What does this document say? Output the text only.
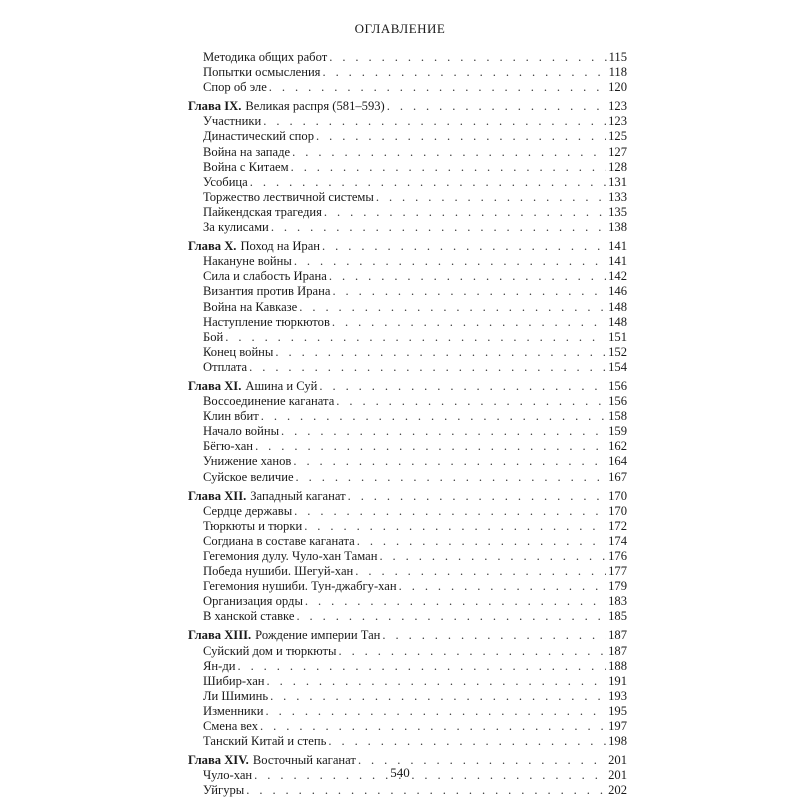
ОГЛАВЛЕНИЕ
Методика общих работ . . .	115
Попытки осмысления . . .	118
Спор об эле . . .	120
Глава IX. Великая распря (581–593) . . .	123
Участники . . .	123
Династический спор . . .	125
Война на западе . . .	127
Война с Китаем . . .	128
Усобица . . .	131
Торжество лествичной системы . . .	133
Пайкендская трагедия . . .	135
За кулисами . . .	138
Глава X. Поход на Иран . . .	141
Накануне войны . . .	141
Сила и слабость Ирана . . .	142
Византия против Ирана . . .	146
Война на Кавказе . . .	148
Наступление тюркютов . . .	148
Бой . . .	151
Конец войны . . .	152
Отплата . . .	154
Глава XI. Ашина и Суй . . .	156
Воссоединение каганата . . .	156
Клин вбит . . .	158
Начало войны . . .	159
Бёгю-хан . . .	162
Унижение ханов . . .	164
Суйское величие . . .	167
Глава XII. Западный каганат . . .	170
Сердце державы . . .	170
Тюркюты и тюрки . . .	172
Согдиана в составе каганата . . .	174
Гегемония дулу. Чуло-хан Таман . . .	176
Победа нушиби. Шегуй-хан . . .	177
Гегемония нушиби. Тун-джабгу-хан . . .	179
Организация орды . . .	183
В ханской ставке . . .	185
Глава XIII. Рождение империи Тан . . .	187
Суйский дом и тюркюты . . .	187
Ян-ди . . .	188
Шибир-хан . . .	191
Ли Шиминь . . .	193
Изменники . . .	195
Смена вех . . .	197
Танский Китай и степь . . .	198
Глава XIV. Восточный каганат . . .	201
Чуло-хан . . .	201
Уйгуры . . .	202
540
